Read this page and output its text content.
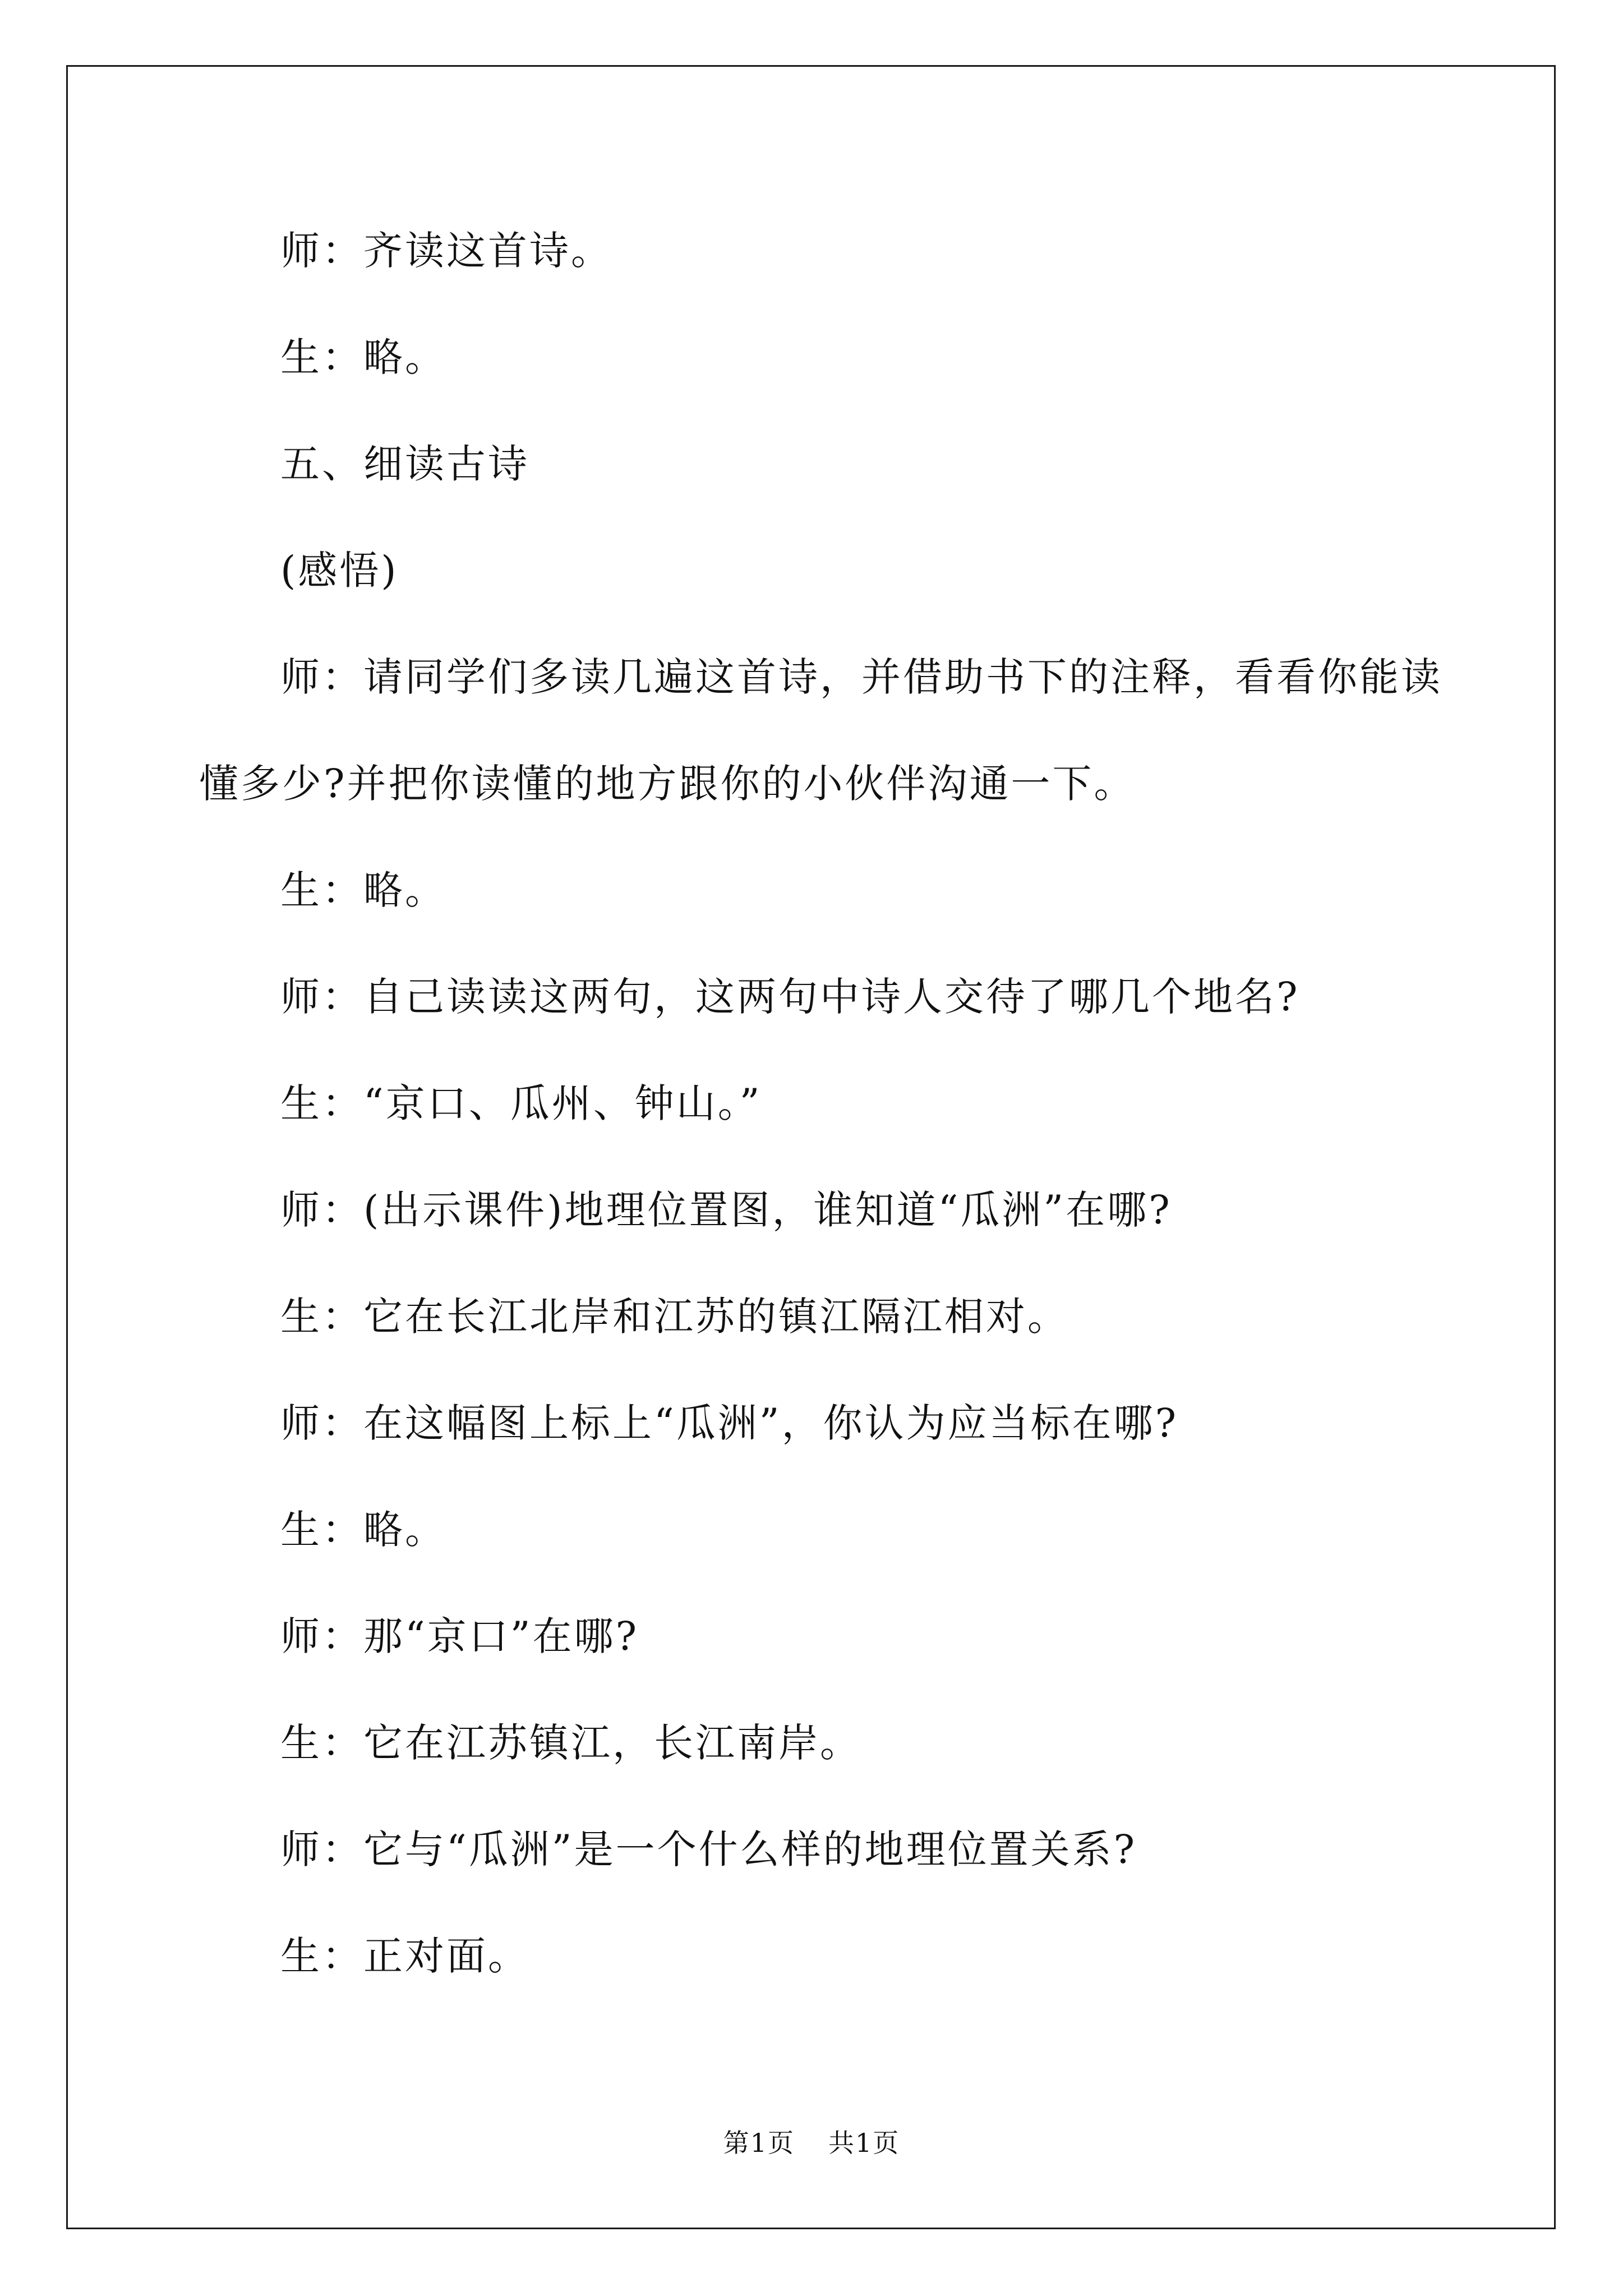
师：齐读这首诗。
生：略。
五、细读古诗
(感悟)
师：请同学们多读几遍这首诗，并借助书下的注释，看看你能读
懂多少?并把你读懂的地方跟你的小伙伴沟通一下。
生：略。
师：自己读读这两句，这两句中诗人交待了哪几个地名?
生：“京口、瓜州、钟山。”
师：(出示课件)地理位置图，谁知道“瓜洲”在哪?
生：它在长江北岸和江苏的镇江隔江相对。
师：在这幅图上标上“瓜洲”，你认为应当标在哪?
生：略。
师：那“京口”在哪?
生：它在江苏镇江，长江南岸。
师：它与“瓜洲”是一个什么样的地理位置关系?
生：正对面。
第1页 共1页
